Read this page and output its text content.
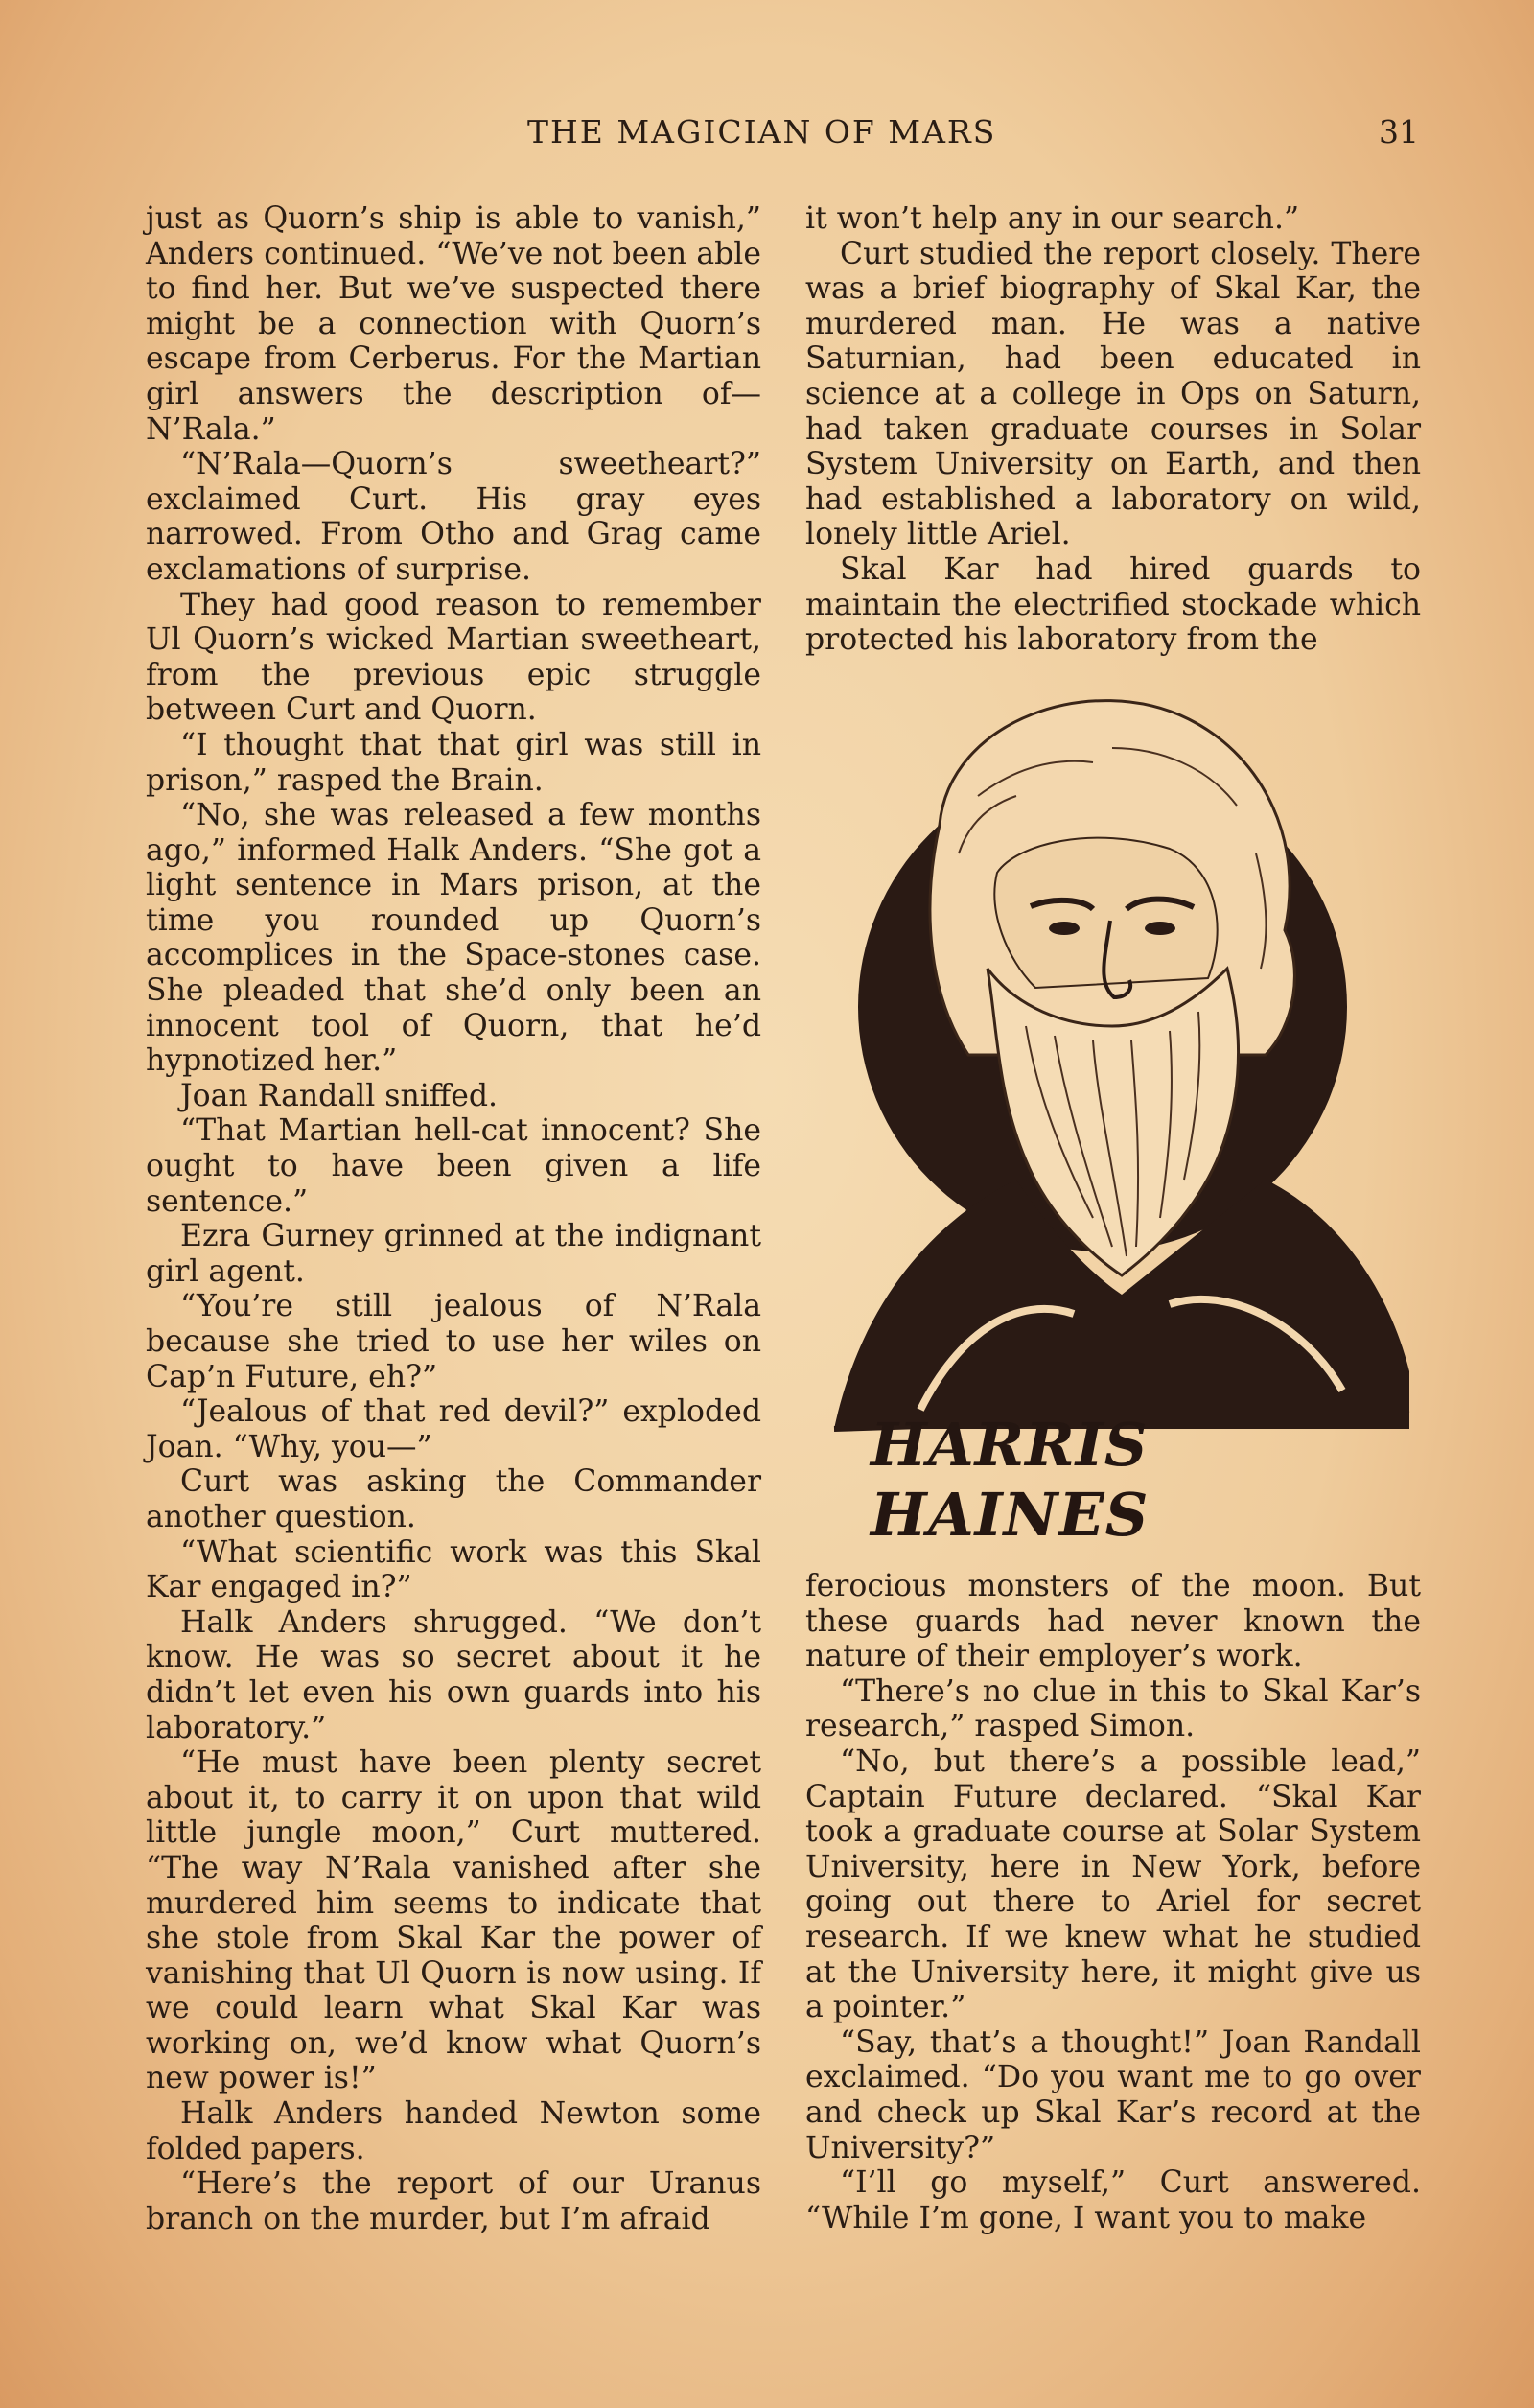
THE MAGICIAN OF MARS	31

just as Quorn’s ship is able to vanish,” Anders continued. “We’ve not been able to find her. But we’ve suspected there might be a connection with Quorn’s escape from Cerberus. For the Martian girl answers the description of—N’Rala.”

“N’Rala—Quorn’s sweetheart?” exclaimed Curt. His gray eyes narrowed. From Otho and Grag came exclamations of surprise.

They had good reason to remember Ul Quorn’s wicked Martian sweetheart, from the previous epic struggle between Curt and Quorn.

“I thought that that girl was still in prison,” rasped the Brain.

“No, she was released a few months ago,” informed Halk Anders. “She got a light sentence in Mars prison, at the time you rounded up Quorn’s accomplices in the Space-stones case. She pleaded that she’d only been an innocent tool of Quorn, that he’d hypnotized her.”

Joan Randall sniffed.

“That Martian hell-cat innocent? She ought to have been given a life sentence.”

Ezra Gurney grinned at the indignant girl agent.

“You’re still jealous of N’Rala because she tried to use her wiles on Cap’n Future, eh?”

“Jealous of that red devil?” exploded Joan. “Why, you—”

Curt was asking the Commander another question.

“What scientific work was this Skal Kar engaged in?”

Halk Anders shrugged. “We don’t know. He was so secret about it he didn’t let even his own guards into his laboratory.”

“He must have been plenty secret about it, to carry it on upon that wild little jungle moon,” Curt muttered. “The way N’Rala vanished after she murdered him seems to indicate that she stole from Skal Kar the power of vanishing that Ul Quorn is now using. If we could learn what Skal Kar was working on, we’d know what Quorn’s new power is!”

Halk Anders handed Newton some folded papers.

“Here’s the report of our Uranus branch on the murder, but I’m afraid

it won’t help any in our search.”

Curt studied the report closely. There was a brief biography of Skal Kar, the murdered man. He was a native Saturnian, had been educated in science at a college in Ops on Saturn, had taken graduate courses in Solar System University on Earth, and then had established a laboratory on wild, lonely little Ariel.

Skal Kar had hired guards to maintain the electrified stockade which protected his laboratory from the

HARRIS HAINES

ferocious monsters of the moon. But these guards had never known the nature of their employer’s work.

“There’s no clue in this to Skal Kar’s research,” rasped Simon.

“No, but there’s a possible lead,” Captain Future declared. “Skal Kar took a graduate course at Solar System University, here in New York, before going out there to Ariel for secret research. If we knew what he studied at the University here, it might give us a pointer.”

“Say, that’s a thought!” Joan Randall exclaimed. “Do you want me to go over and check up Skal Kar’s record at the University?”

“I’ll go myself,” Curt answered. “While I’m gone, I want you to make
